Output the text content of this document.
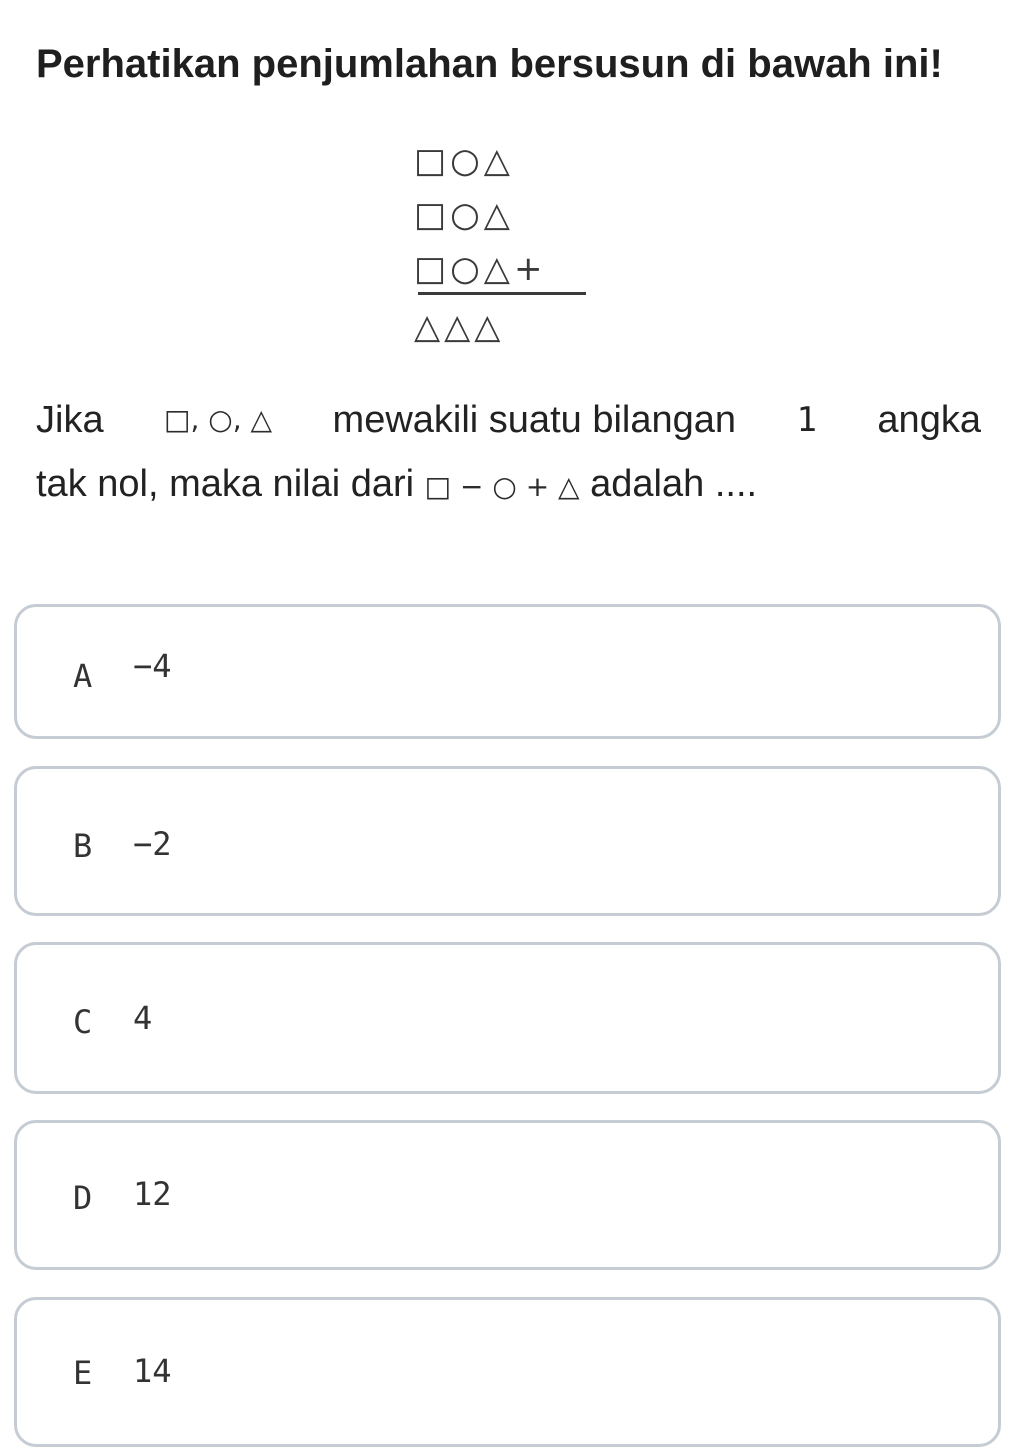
Perhatikan penjumlahan bersusun di bawah ini!
□○△
□○△
□○△+
△△△
Jika □, ○, △ mewakili suatu bilangan 1 angka
tak nol, maka nilai dari □ − ○ + △ adalah ....
A −4
B −2
C 4
D 12
E 14
